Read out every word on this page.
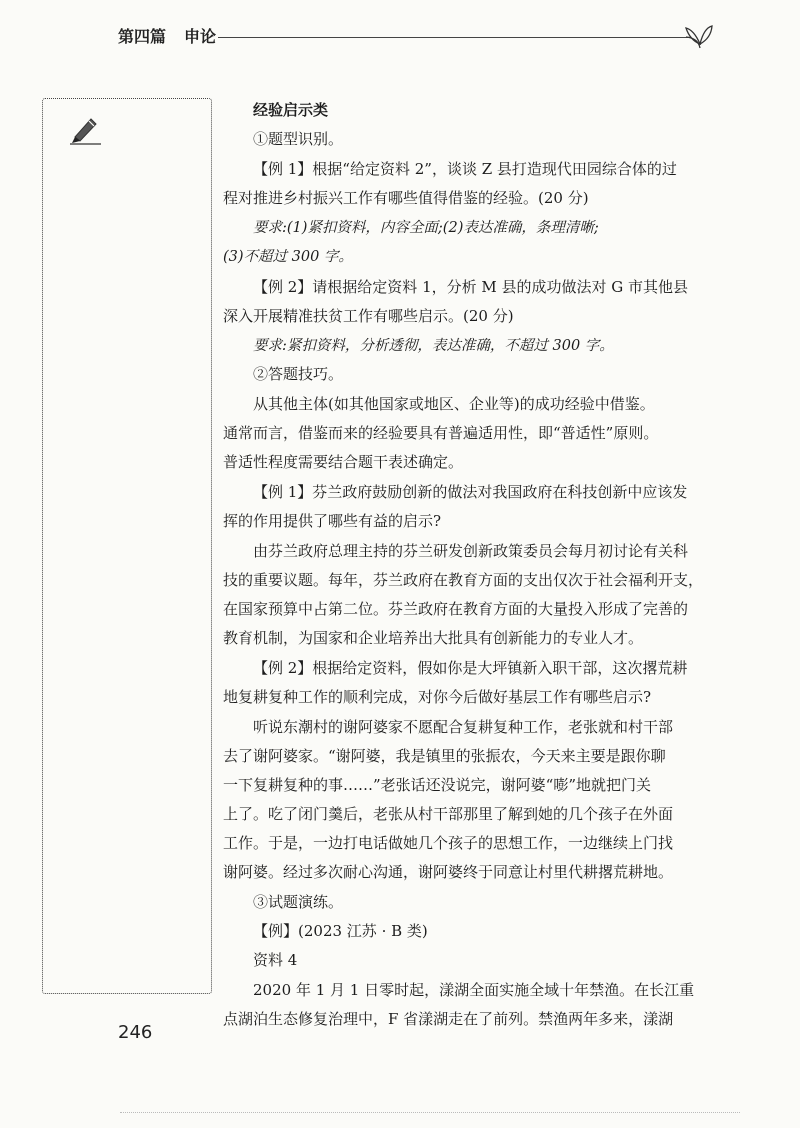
第四篇 申论
经验启示类
①题型识别。
【例 1】根据“给定资料 2”，谈谈 Z 县打造现代田园综合体的过
程对推进乡村振兴工作有哪些值得借鉴的经验。(20 分)
要求:(1)紧扣资料，内容全面;(2)表达准确，条理清晰;
(3)不超过 300 字。
【例 2】请根据给定资料 1，分析 M 县的成功做法对 G 市其他县
深入开展精准扶贫工作有哪些启示。(20 分)
要求:紧扣资料，分析透彻，表达准确，不超过 300 字。
②答题技巧。
从其他主体(如其他国家或地区、企业等)的成功经验中借鉴。
通常而言，借鉴而来的经验要具有普遍适用性，即“普适性”原则。
普适性程度需要结合题干表述确定。
【例 1】芬兰政府鼓励创新的做法对我国政府在科技创新中应该发
挥的作用提供了哪些有益的启示?
由芬兰政府总理主持的芬兰研发创新政策委员会每月初讨论有关科
技的重要议题。每年，芬兰政府在教育方面的支出仅次于社会福利开支，
在国家预算中占第二位。芬兰政府在教育方面的大量投入形成了完善的
教育机制，为国家和企业培养出大批具有创新能力的专业人才。
【例 2】根据给定资料，假如你是大坪镇新入职干部，这次撂荒耕
地复耕复种工作的顺利完成，对你今后做好基层工作有哪些启示?
听说东潮村的谢阿婆家不愿配合复耕复种工作，老张就和村干部
去了谢阿婆家。“谢阿婆，我是镇里的张振农，今天来主要是跟你聊
一下复耕复种的事……”老张话还没说完，谢阿婆“嘭”地就把门关
上了。吃了闭门羹后，老张从村干部那里了解到她的几个孩子在外面
工作。于是，一边打电话做她几个孩子的思想工作，一边继续上门找
谢阿婆。经过多次耐心沟通，谢阿婆终于同意让村里代耕撂荒耕地。
③试题演练。
【例】(2023 江苏 · B 类)
资料 4
2020 年 1 月 1 日零时起，漾湖全面实施全域十年禁渔。在长江重
点湖泊生态修复治理中，F 省漾湖走在了前列。禁渔两年多来，漾湖
246
